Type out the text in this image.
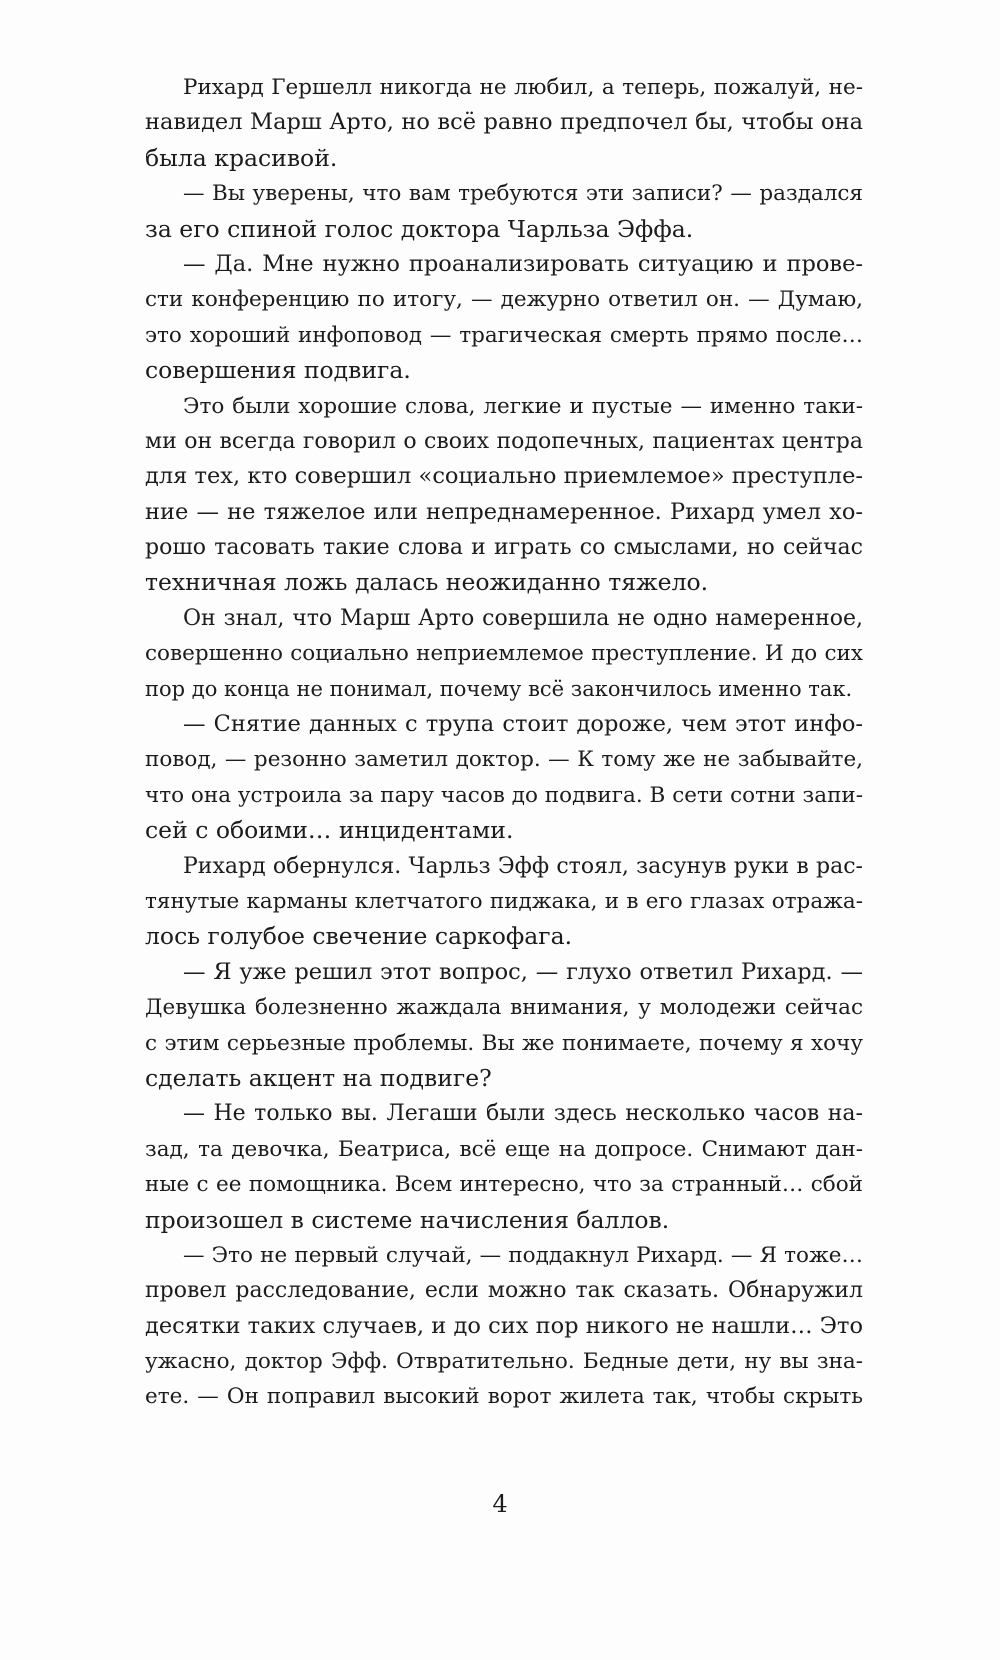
Рихард Гершелл никогда не любил, а теперь, пожалуй, не-
навидел Марш Арто, но всё равно предпочел бы, чтобы она
была красивой.
— Вы уверены, что вам требуются эти записи? — раздался
за его спиной голос доктора Чарльза Эффа.
— Да. Мне нужно проанализировать ситуацию и прове-
сти конференцию по итогу, — дежурно ответил он. — Думаю,
это хороший инфоповод — трагическая смерть прямо после…
совершения подвига.
Это были хорошие слова, легкие и пустые — именно таки-
ми он всегда говорил о своих подопечных, пациентах центра
для тех, кто совершил «социально приемлемое» преступле-
ние — не тяжелое или непреднамеренное. Рихард умел хо-
рошо тасовать такие слова и играть со смыслами, но сейчас
техничная ложь далась неожиданно тяжело.
Он знал, что Марш Арто совершила не одно намеренное,
совершенно социально неприемлемое преступление. И до сих
пор до конца не понимал, почему всё закончилось именно так.
— Снятие данных с трупа стоит дороже, чем этот инфо-
повод, — резонно заметил доктор. — К тому же не забывайте,
что она устроила за пару часов до подвига. В сети сотни запи-
сей с обоими… инцидентами.
Рихард обернулся. Чарльз Эфф стоял, засунув руки в рас-
тянутые карманы клетчатого пиджака, и в его глазах отража-
лось голубое свечение саркофага.
— Я уже решил этот вопрос, — глухо ответил Рихард. —
Девушка болезненно жаждала внимания, у молодежи сейчас
с этим серьезные проблемы. Вы же понимаете, почему я хочу
сделать акцент на подвиге?
— Не только вы. Легаши были здесь несколько часов на-
зад, та девочка, Беатриса, всё еще на допросе. Снимают дан-
ные с ее помощника. Всем интересно, что за странный… сбой
произошел в системе начисления баллов.
— Это не первый случай, — поддакнул Рихард. — Я тоже…
провел расследование, если можно так сказать. Обнаружил
десятки таких случаев, и до сих пор никого не нашли… Это
ужасно, доктор Эфф. Отвратительно. Бедные дети, ну вы зна-
ете. — Он поправил высокий ворот жилета так, чтобы скрыть
4
